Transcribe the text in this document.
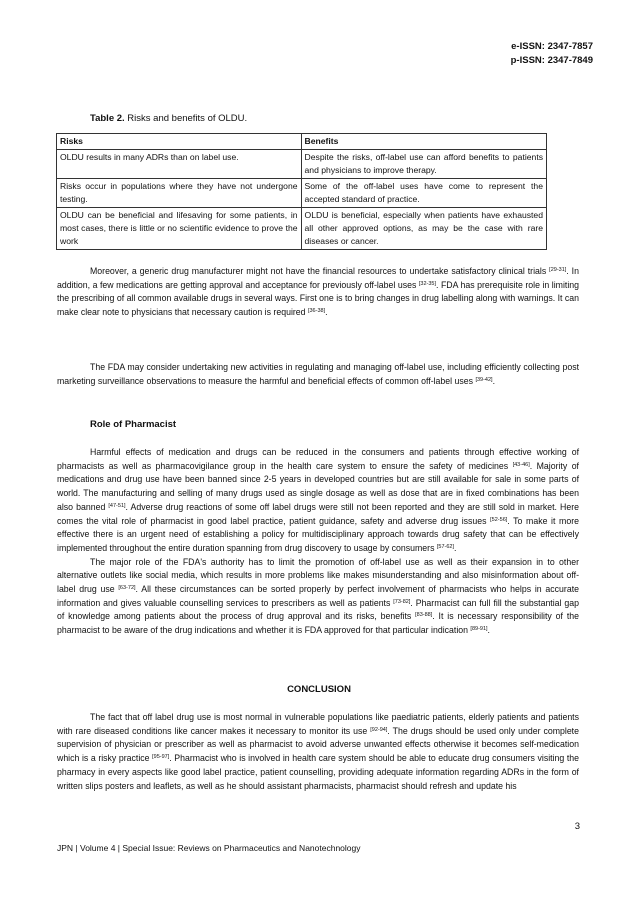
e-ISSN: 2347-7857
p-ISSN: 2347-7849
Table 2. Risks and benefits of OLDU.
Risks	Benefits
OLDU results in many ADRs than on label use.	Despite the risks, off-label use can afford benefits to patients and physicians to improve therapy.
Risks occur in populations where they have not undergone testing.	Some of the off-label uses have come to represent the accepted standard of practice.
OLDU can be beneficial and lifesaving for some patients, in most cases, there is little or no scientific evidence to prove the work	OLDU is beneficial, especially when patients have exhausted all other approved options, as may be the case with rare diseases or cancer.

Moreover, a generic drug manufacturer might not have the financial resources to undertake satisfactory clinical trials [29-31]. In addition, a few medications are getting approval and acceptance for previously off-label uses [32-35]. FDA has prerequisite role in limiting the prescribing of all common available drugs in several ways. First one is to bring changes in drug labelling along with warnings. It can make clear note to physicians that necessary caution is required [36-38].

The FDA may consider undertaking new activities in regulating and managing off-label use, including efficiently collecting post marketing surveillance observations to measure the harmful and beneficial effects of common off-label uses [39-42].

Role of Pharmacist

Harmful effects of medication and drugs can be reduced in the consumers and patients through effective working of pharmacists as well as pharmacovigilance group in the health care system to ensure the safety of medicines [43-46]. Majority of medications and drug use have been banned since 2-5 years in developed countries but are still available for sale in some parts of world. The manufacturing and selling of many drugs used as single dosage as well as dose that are in fixed combinations has been also banned [47-51]. Adverse drug reactions of some off label drugs were still not been reported and they are still sold in market. Here comes the vital role of pharmacist in good label practice, patient guidance, safety and adverse drug issues [52-56]. To make it more effective there is an urgent need of establishing a policy for multidisciplinary approach towards drug safety that can be effectively implemented throughout the entire duration spanning from drug discovery to usage by consumers [57-62].

The major role of the FDA's authority has to limit the promotion of off-label use as well as their expansion in to other alternative outlets like social media, which results in more problems like makes misunderstanding and also misinformation about off-label drug use [63-72]. All these circumstances can be sorted properly by perfect involvement of pharmacists who helps in accurate information and gives valuable counselling services to prescribers as well as patients [73-82]. Pharmacist can full fill the substantial gap of knowledge among patients about the process of drug approval and its risks, benefits [83-88]. It is necessary responsibility of the pharmacist to be aware of the drug indications and whether it is FDA approved for that particular indication [89-91].

CONCLUSION

The fact that off label drug use is most normal in vulnerable populations like paediatric patients, elderly patients and patients with rare diseased conditions like cancer makes it necessary to monitor its use [92-94]. The drugs should be used only under complete supervision of physician or prescriber as well as pharmacist to avoid adverse unwanted effects otherwise it becomes self-medication which is a risky practice [95-97]. Pharmacist who is involved in health care system should be able to educate drug consumers visiting the pharmacy in every aspects like good label practice, patient counselling, providing adequate information regarding ADRs in the form of written slips posters and leaflets, as well as he should assistant pharmacists, pharmacist should refresh and update his

3
JPN | Volume 4 | Special Issue: Reviews on Pharmaceutics and Nanotechnology
